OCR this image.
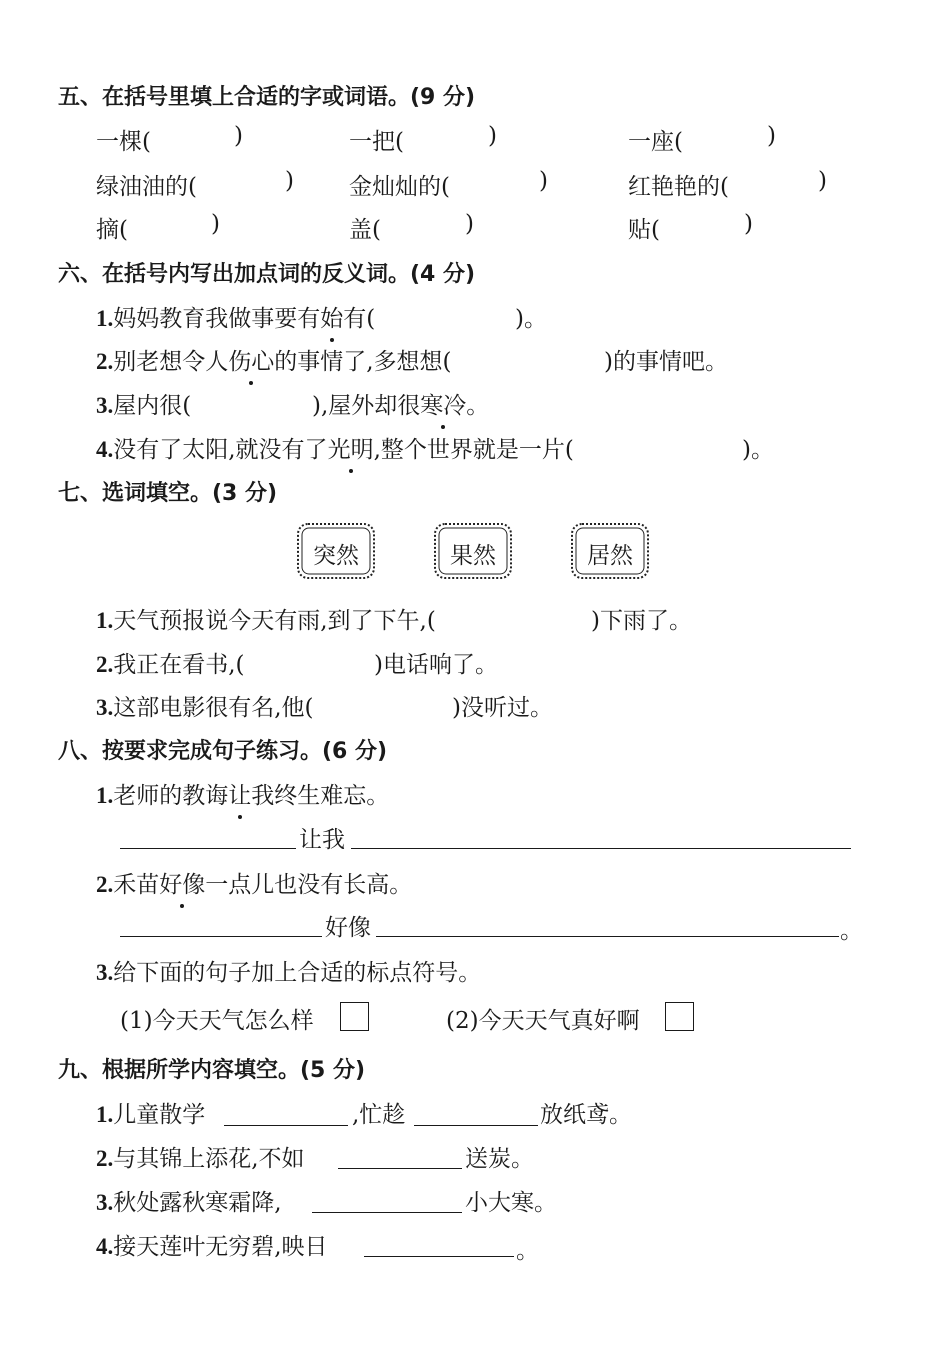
五、在括号里填上合适的字或词语。(9 分)
一棵(	)	一把(	)	一座(	)
绿油油的(	) 金灿灿的(	)	红艳艳的(	)
摘(	)	盖(	)	贴(	)
六、在括号内写出加点词的反义词。(4 分)
1.妈妈教育我做事要有始有(	)。
2.别老想令人伤心的事情了,多想想(	)的事情吧。
3.屋内很(	),屋外却很寒冷。
4.没有了太阳,就没有了光明,整个世界就是一片(	)。
七、选词填空。(3 分)
突然	果然	居然
1.天气预报说今天有雨,到了下午,(	)下雨了。
2.我正在看书,(	)电话响了。
3.这部电影很有名,他(	)没听过。
八、按要求完成句子练习。(6 分)
1.老师的教诲让我终生难忘。
让我
2.禾苗好像一点儿也没有长高。
好像	。
3.给下面的句子加上合适的标点符号。
(1)今天天气怎么样	(2)今天天气真好啊
九、根据所学内容填空。(5 分)
1.儿童散学	,忙趁	放纸鸢。
2.与其锦上添花,不如	送炭。
3.秋处露秋寒霜降,	小大寒。
4.接天莲叶无穷碧,映日	。
